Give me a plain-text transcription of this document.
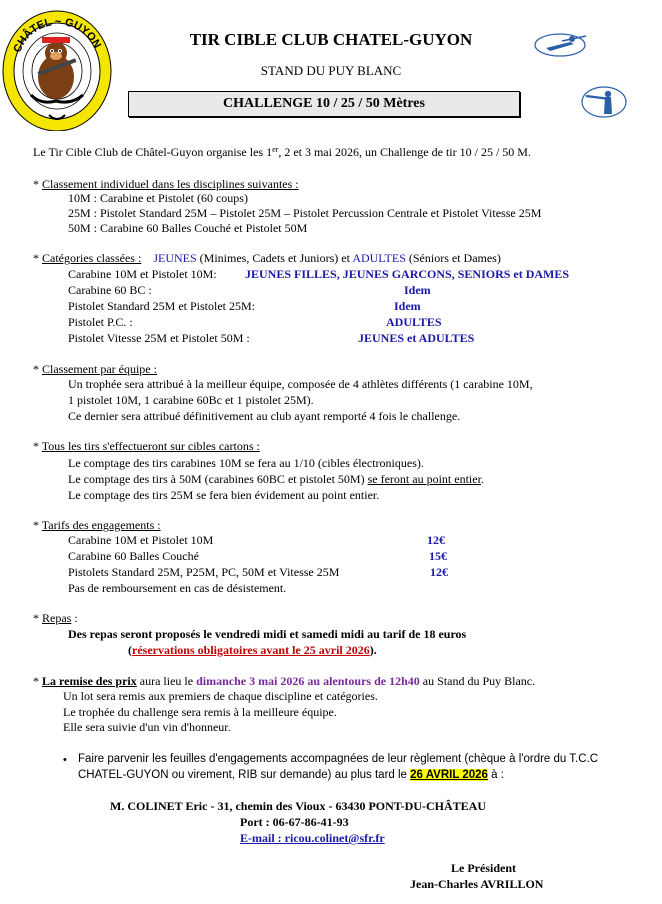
CHÂTEL ~ GUYON	TIR CIBLE CLUB CHATEL-GUYON
STAND DU PUY BLANC
CHALLENGE 10 / 25 / 50 Mètres
Le Tir Cible Club de Châtel-Guyon organise les 1er, 2 et 3 mai 2026, un Challenge de tir 10 / 25 / 50 M.
* Classement individuel dans les disciplines suivantes :
10M : Carabine et Pistolet (60 coups)
25M : Pistolet Standard 25M – Pistolet 25M – Pistolet Percussion Centrale et Pistolet Vitesse 25M
50M : Carabine 60 Balles Couché et Pistolet 50M
* Catégories classées : JEUNES (Minimes, Cadets et Juniors) et ADULTES (Séniors et Dames)
Carabine 10M et Pistolet 10M: JEUNES FILLES, JEUNES GARCONS, SENIORS et DAMES
Carabine 60 BC :	Idem
Pistolet Standard 25M et Pistolet 25M:	Idem
Pistolet P.C. :	ADULTES
Pistolet Vitesse 25M et Pistolet 50M :	JEUNES et ADULTES
* Classement par équipe :
Un trophée sera attribué à la meilleur équipe, composée de 4 athlètes différents (1 carabine 10M,
1 pistolet 10M, 1 carabine 60Bc et 1 pistolet 25M).
Ce dernier sera attribué définitivement au club ayant remporté 4 fois le challenge.
* Tous les tirs s'effectueront sur cibles cartons :
Le comptage des tirs carabines 10M se fera au 1/10 (cibles électroniques).
Le comptage des tirs à 50M (carabines 60BC et pistolet 50M) se feront au point entier.
Le comptage des tirs 25M se fera bien évidement au point entier.
* Tarifs des engagements :
Carabine 10M et Pistolet 10M	12€
Carabine 60 Balles Couché	15€
Pistolets Standard 25M, P25M, PC, 50M et Vitesse 25M	12€
Pas de remboursement en cas de désistement.
* Repas :
Des repas seront proposés le vendredi midi et samedi midi au tarif de 18 euros
(réservations obligatoires avant le 25 avril 2026).
* La remise des prix aura lieu le dimanche 3 mai 2026 au alentours de 12h40 au Stand du Puy Blanc.
Un lot sera remis aux premiers de chaque discipline et catégories.
Le trophée du challenge sera remis à la meilleure équipe.
Elle sera suivie d'un vin d'honneur.
• Faire parvenir les feuilles d'engagements accompagnées de leur règlement (chèque à l'ordre du T.C.C
CHATEL-GUYON ou virement, RIB sur demande) au plus tard le 26 AVRIL 2026 à :
M. COLINET Eric - 31, chemin des Vioux - 63430 PONT-DU-CHÂTEAU
Port : 06-67-86-41-93
E-mail : ricou.colinet@sfr.fr
Le Président
Jean-Charles AVRILLON
